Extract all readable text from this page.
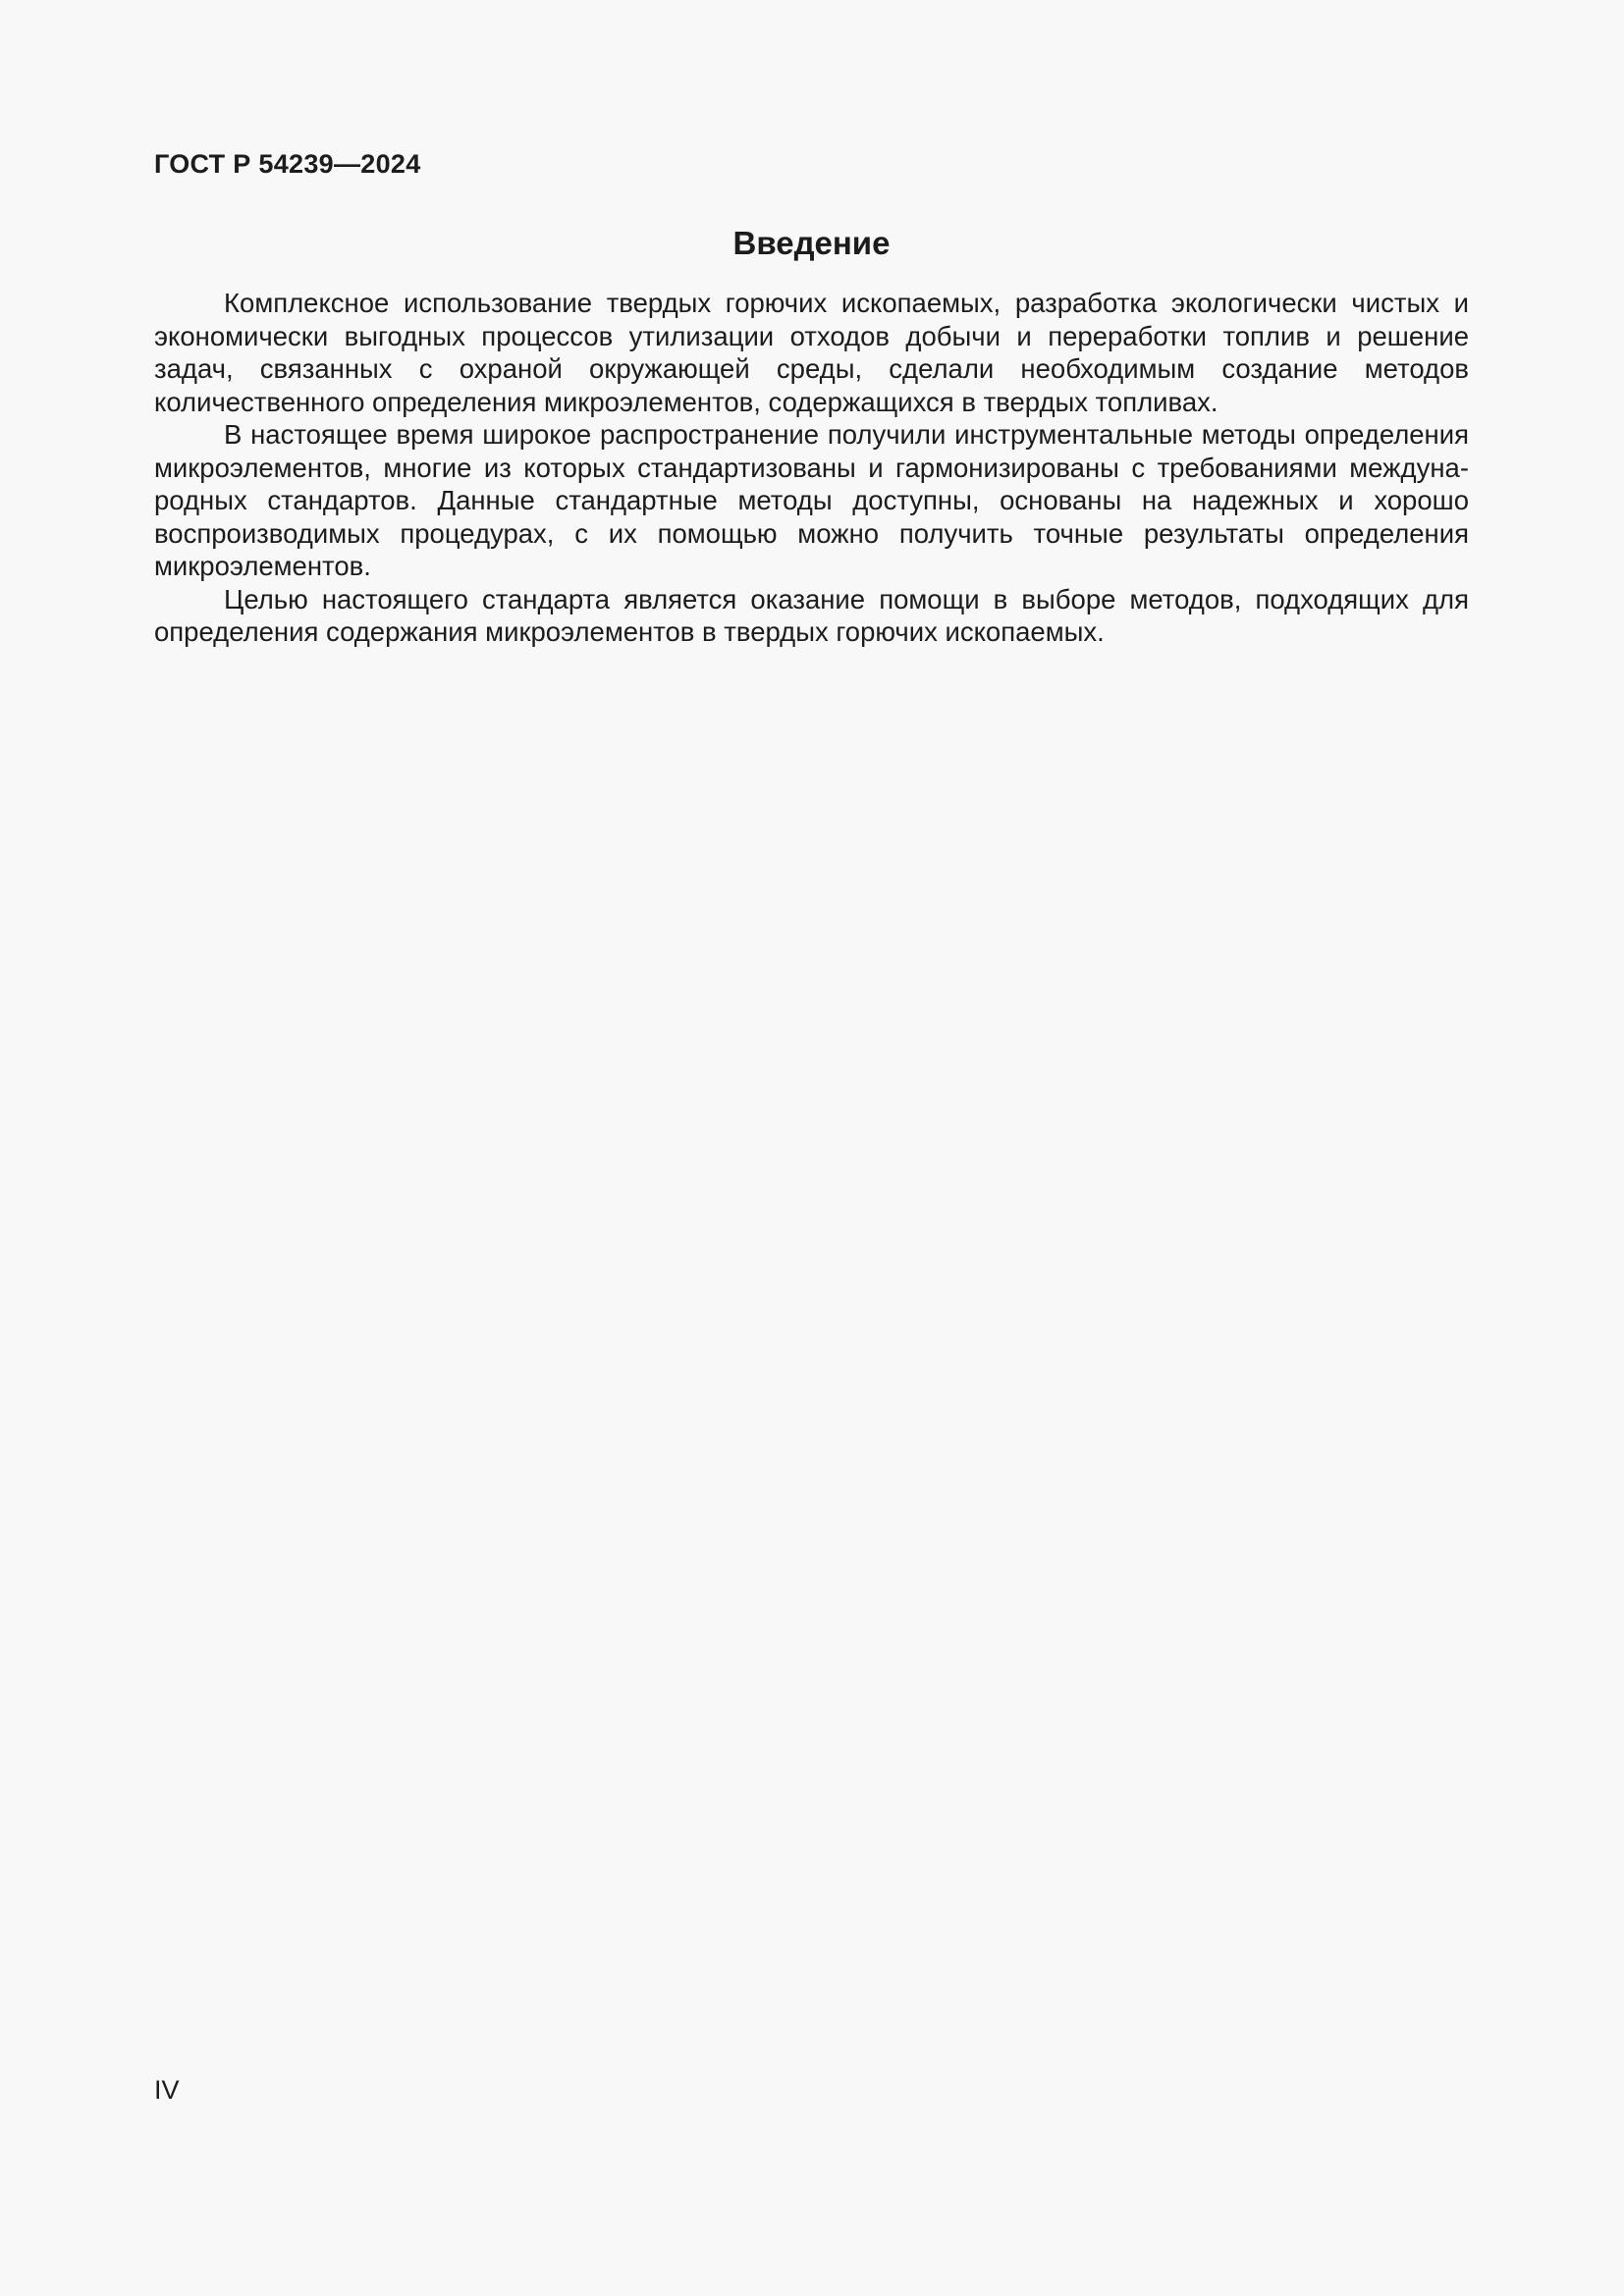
ГОСТ Р 54239—2024
Введение

Комплексное использование твердых горючих ископаемых, разработка экологически чистых и экономически выгодных процессов утилизации отходов добычи и переработки топлив и решение задач, связанных с охраной окружающей среды, сделали необходимым создание методов количественного определения микроэлементов, содержащихся в твердых топливах.

В настоящее время широкое распространение получили инструментальные методы определения микроэлементов, многие из которых стандартизованы и гармонизированы с требованиями международных стандартов. Данные стандартные методы доступны, основаны на надежных и хорошо воспроизводимых процедурах, с их помощью можно получить точные результаты определения микроэлементов.

Целью настоящего стандарта является оказание помощи в выборе методов, подходящих для определения содержания микроэлементов в твердых горючих ископаемых.

IV
